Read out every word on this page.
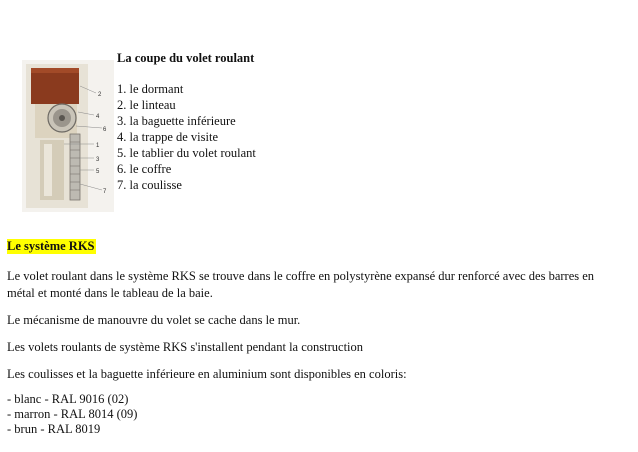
2
4
6
1
3
5
7

La coupe du volet roulant

1. le dormant
2. le linteau
3. la baguette inférieure
4. la trappe de visite
5. le tablier du volet roulant
6. le coffre
7. la coulisse
Le système RKS

Le volet roulant dans le système RKS se trouve dans le coffre en polystyrène expansé dur renforcé avec des barres en métal et monté dans le tableau de la baie.

Le mécanisme de manouvre du volet se cache dans le mur.

Les volets roulants de système RKS s'installent pendant la construction

Les coulisses et la baguette inférieure en aluminium sont disponibles en coloris:

- blanc - RAL 9016 (02)
- marron - RAL 8014 (09)
- brun - RAL 8019
